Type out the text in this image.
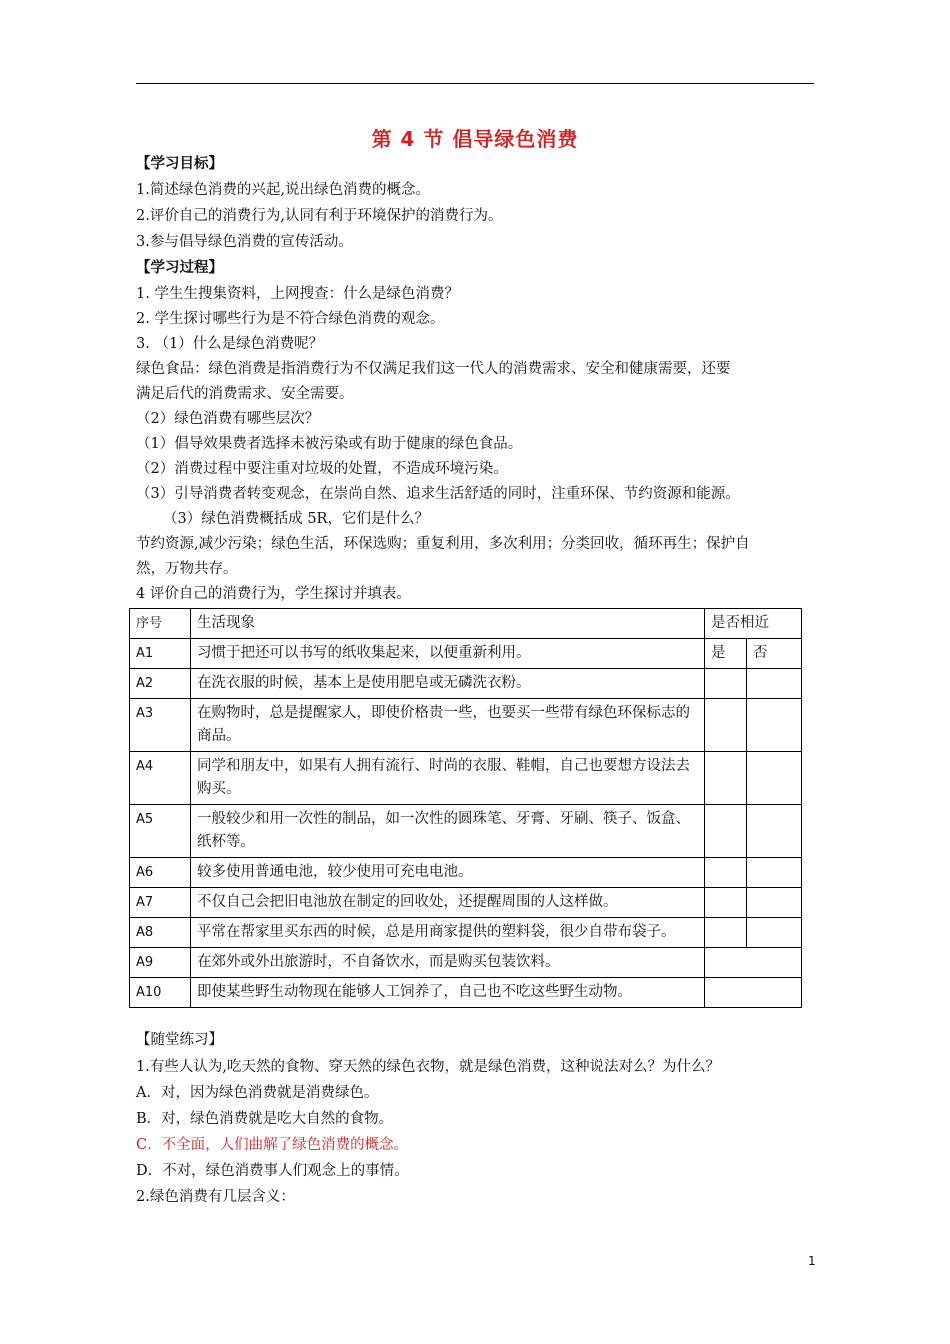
第 4 节 倡导绿色消费
【学习目标】
1.简述绿色消费的兴起,说出绿色消费的概念。
2.评价自己的消费行为,认同有利于环境保护的消费行为。
3.参与倡导绿色消费的宣传活动。
【学习过程】
1. 学生生搜集资料，上网搜查：什么是绿色消费？
2. 学生探讨哪些行为是不符合绿色消费的观念。
3. （1）什么是绿色消费呢？
绿色食品：绿色消费是指消费行为不仅满足我们这一代人的消费需求、安全和健康需要，还要
满足后代的消费需求、安全需要。
（2）绿色消费有哪些层次？
（1）倡导效果费者选择未被污染或有助于健康的绿色食品。
（2）消费过程中要注重对垃圾的处置，不造成环境污染。
（3）引导消费者转变观念，在崇尚自然、追求生活舒适的同时，注重环保、节约资源和能源。
（3）绿色消费概括成 5R，它们是什么？
节约资源,减少污染；绿色生活，环保选购；重复利用，多次利用；分类回收，循环再生；保护自
然，万物共存。
4 评价自己的消费行为，学生探讨并填表。
序号	生活现象	是否相近	
A1	习惯于把还可以书写的纸收集起来，以便重新利用。	是	否
A2	在洗衣服的时候，基本上是使用肥皂或无磷洗衣粉。		
A3	在购物时，总是提醒家人，即使价格贵一些，也要买一些带有绿色环保标志的商品。		
A4	同学和朋友中，如果有人拥有流行、时尚的衣服、鞋帽，自己也要想方设法去购买。		
A5	一般较少和用一次性的制品，如一次性的圆珠笔、牙膏、牙刷、筷子、饭盒、纸杯等。		
A6	较多使用普通电池，较少使用可充电电池。		
A7	不仅自己会把旧电池放在制定的回收处，还提醒周围的人这样做。		
A8	平常在帮家里买东西的时候，总是用商家提供的塑料袋，很少自带布袋子。		
A9	在郊外或外出旅游时，不自备饮水，而是购买包装饮料。		
A10	即使某些野生动物现在能够人工饲养了，自己也不吃这些野生动物。		
【随堂练习】
1.有些人认为,吃天然的食物、穿天然的绿色衣物，就是绿色消费，这种说法对么？为什么？
A．对，因为绿色消费就是消费绿色。
B．对，绿色消费就是吃大自然的食物。
C．不全面，人们曲解了绿色消费的概念。
D．不对，绿色消费事人们观念上的事情。
2.绿色消费有几层含义：
1
